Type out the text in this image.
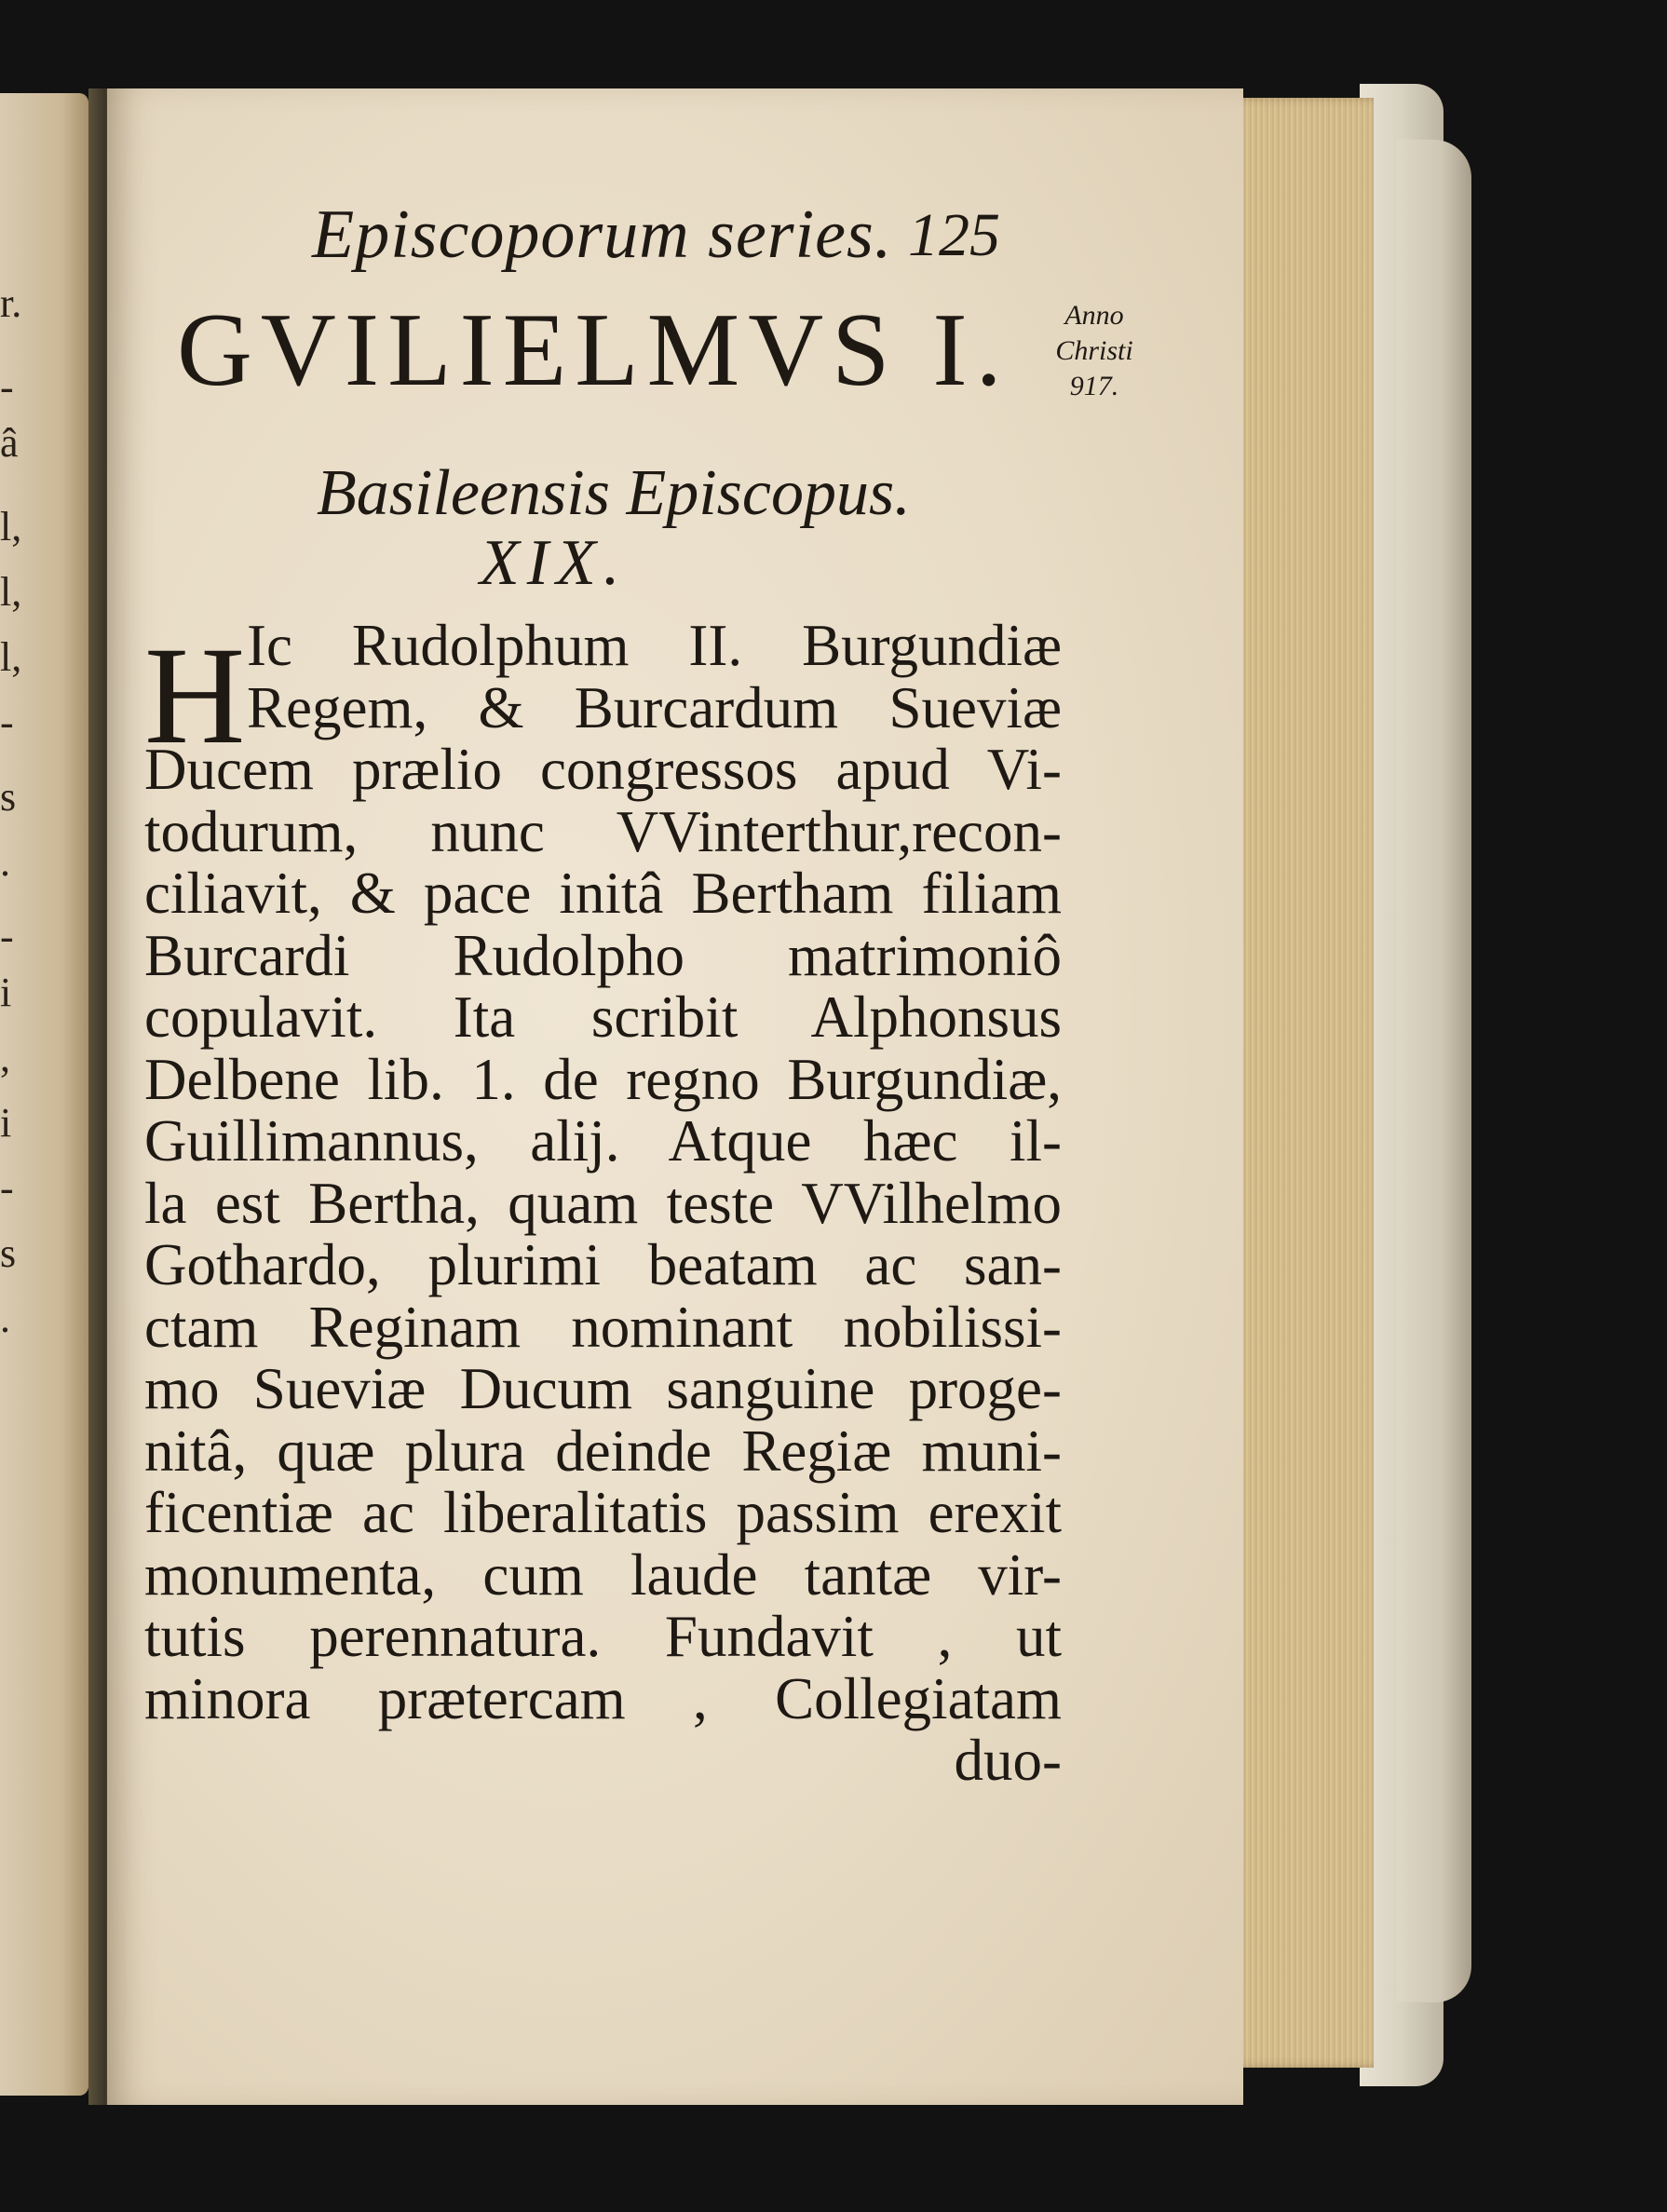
r.
-
â
l,
l,
l,
-
s
.
-
i
,
i
-
s
.
Episcoporum series. 125
Anno
Christi
917.
GVILIELMVS I.
Basileensis Episcopus.
XIX.
H Ic Rudolphum II. Burgundiæ
Regem, & Burcardum Sueviæ
Ducem prælio congressos apud Vi-
todurum, nunc VVinterthur,recon-
ciliavit, & pace initâ Bertham filiam
Burcardi Rudolpho matrimoniô
copulavit. Ita scribit Alphonsus
Delbene lib. 1. de regno Burgundiæ,
Guillimannus, alij. Atque hæc il-
la est Bertha, quam teste VVilhelmo
Gothardo, plurimi beatam ac san-
ctam Reginam nominant nobilissi-
mo Sueviæ Ducum sanguine proge-
nitâ, quæ plura deinde Regiæ muni-
ficentiæ ac liberalitatis passim erexit
monumenta, cum laude tantæ vir-
tutis perennatura. Fundavit , ut
minora prætercam , Collegiatam
duo-
